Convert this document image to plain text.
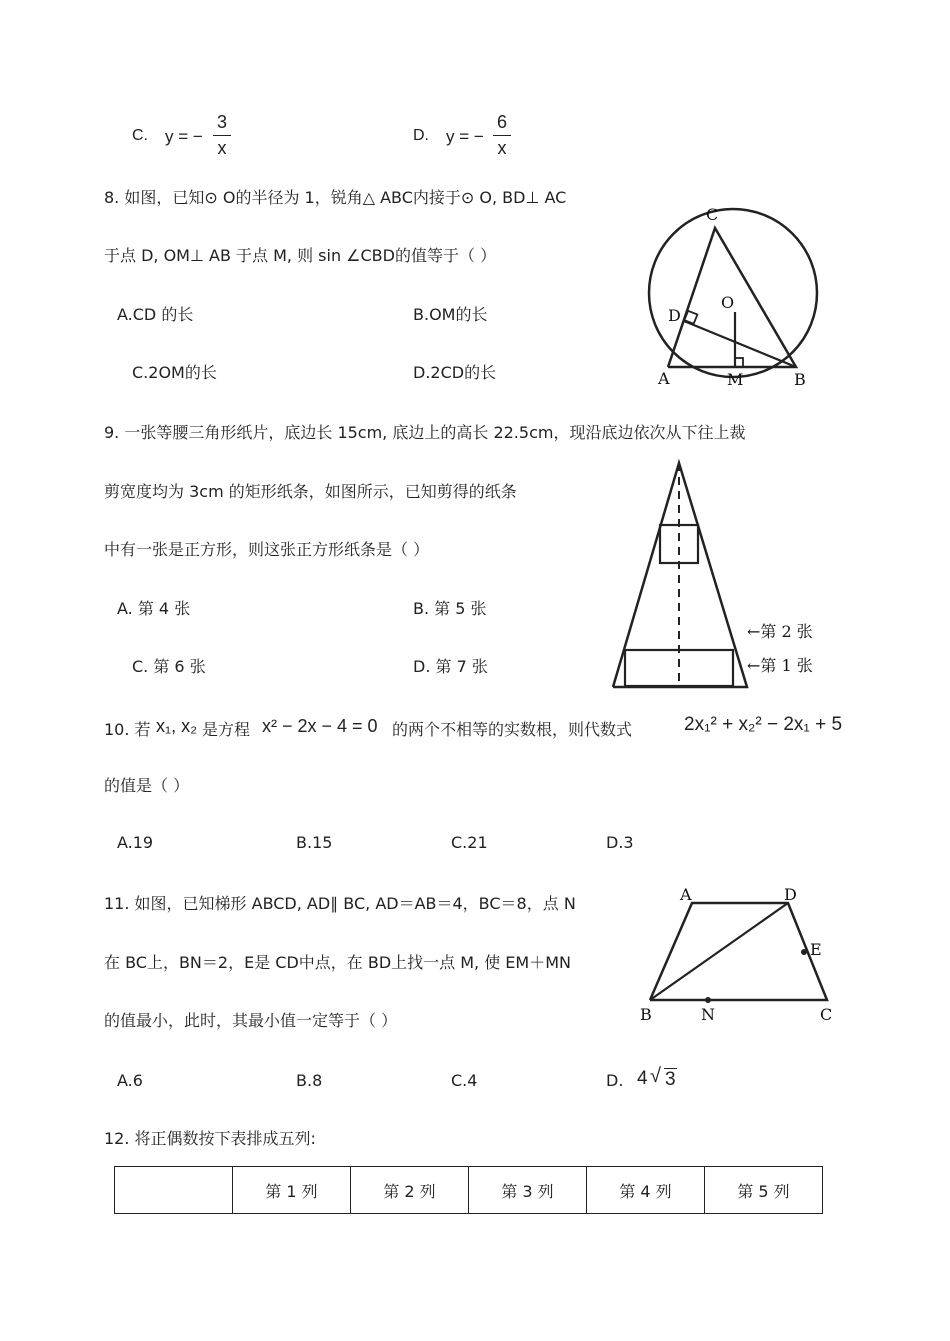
C. y = −
3
x
D. y = −
6
x
8. 如图，已知⊙ O的半径为 1，锐角△ ABC内接于⊙ O, BD⊥ AC
于点 D, OM⊥ AB 于点 M, 则 sin ∠CBD的值等于（ ）
A.CD 的长	B.OM的长
C.2OM的长	D.2CD的长
C
O
D
A	M	B
9. 一张等腰三角形纸片，底边长 15cm, 底边上的高长 22.5cm，现沿底边依次从下往上裁
剪宽度均为 3cm 的矩形纸条，如图所示，已知剪得的纸条
中有一张是正方形，则这张正方形纸条是（ ）
A. 第 4 张	B. 第 5 张
C. 第 6 张	D. 第 7 张
←第 2 张
←第 1 张
10. 若 x₁, x₂ 是方程 x² − 2x − 4 = 0 的两个不相等的实数根，则代数式	2x₁² + x₂² − 2x₁ + 5
的值是（ ）
A.19	B.15	C.21	D.3
11. 如图，已知梯形 ABCD, AD∥ BC, AD＝AB＝4，BC＝8，点 N
在 BC上，BN＝2，E是 CD中点，在 BD上找一点 M, 使 EM＋MN
的值最小，此时，其最小值一定等于（ ）
A.6	B.8	C.4	D. 4 √ 3
A	D
E
B	N	C
12. 将正偶数按下表排成五列:
	第 1 列	第 2 列	第 3 列	第 4 列	第 5 列
